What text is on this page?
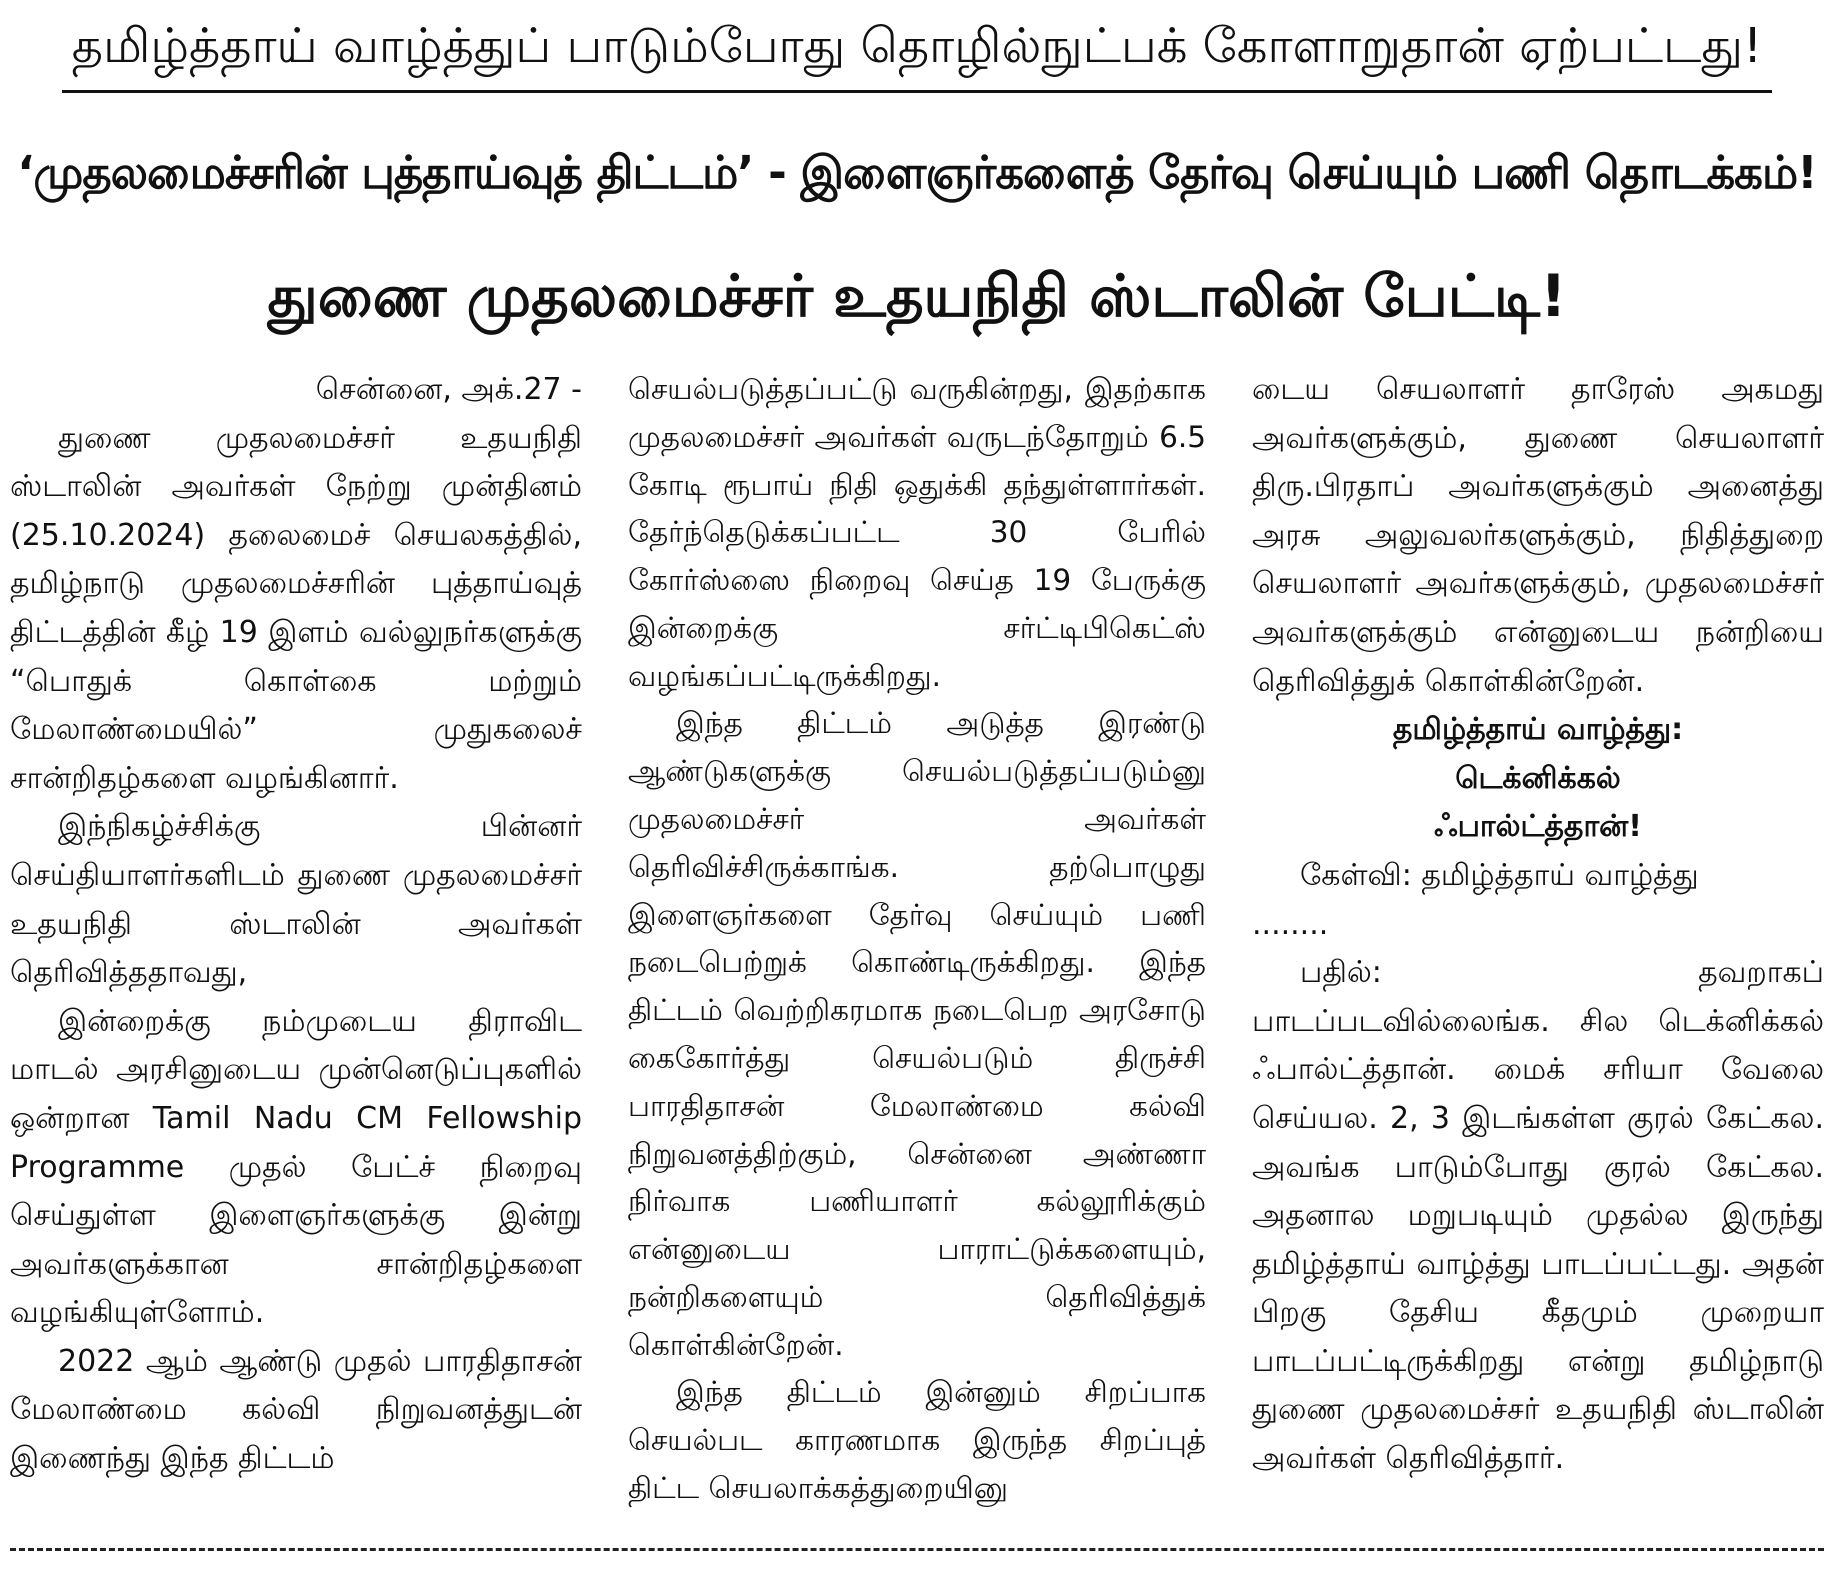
தமிழ்த்தாய் வாழ்த்துப் பாடும்போது தொழில்நுட்பக் கோளாறுதான் ஏற்பட்டது!
‘முதலமைச்சரின் புத்தாய்வுத் திட்டம்’ - இளைஞர்களைத் தேர்வு செய்யும் பணி தொடக்கம்!
துணை முதலமைச்சர் உதயநிதி ஸ்டாலின் பேட்டி!

சென்னை, அக்.27 -

துணை முதலமைச்சர் உதயநிதி ஸ்டாலின் அவர்கள் நேற்று முன்தினம் (25.10.2024) தலைமைச் செயலகத்தில், தமிழ்நாடு முதலமைச்சரின் புத்தாய்வுத் திட்டத்தின் கீழ் 19 இளம் வல்லுநர்களுக்கு “பொதுக் கொள்கை மற்றும் மேலாண்மையில்” முதுகலைச் சான்றிதழ்களை வழங்கினார்.

இந்நிகழ்ச்சிக்கு பின்னர் செய்தியாளர்களிடம் துணை முதலமைச்சர் உதயநிதி ஸ்டாலின் அவர்கள் தெரிவித்ததாவது,

இன்றைக்கு நம்முடைய திராவிட மாடல் அரசினுடைய முன்னெடுப்புகளில் ஒன்றான Tamil Nadu CM Fellowship Programme முதல் பேட்ச் நிறைவு செய்துள்ள இளைஞர்களுக்கு இன்று அவர்களுக்கான சான்றிதழ்களை வழங்கியுள்ளோம்.

2022 ஆம் ஆண்டு முதல் பாரதிதாசன் மேலாண்மை கல்வி நிறுவனத்துடன் இணைந்து இந்த திட்டம்

செயல்படுத்தப்பட்டு வருகின்றது, இதற்காக முதலமைச்சர் அவர்கள் வருடந்தோறும் 6.5 கோடி ரூபாய் நிதி ஒதுக்கி தந்துள்ளார்கள். தேர்ந்தெடுக்கப்பட்ட 30 பேரில் கோர்ஸ்ஸை நிறைவு செய்த 19 பேருக்கு இன்றைக்கு சர்ட்டிபிகெட்ஸ் வழங்கப்பட்டிருக்கிறது.

இந்த திட்டம் அடுத்த இரண்டு ஆண்டுகளுக்கு செயல்படுத்தப்படும்னு முதலமைச்சர் அவர்கள் தெரிவிச்சிருக்காங்க. தற்பொழுது இளைஞர்களை தேர்வு செய்யும் பணி நடைபெற்றுக் கொண்டிருக்கிறது. இந்த திட்டம் வெற்றிகரமாக நடைபெற அரசோடு கைகோர்த்து செயல்படும் திருச்சி பாரதிதாசன் மேலாண்மை கல்வி நிறுவனத்திற்கும், சென்னை அண்ணா நிர்வாக பணியாளர் கல்லூரிக்கும் என்னுடைய பாராட்டுக்களையும், நன்றிகளையும் தெரிவித்துக் கொள்கின்றேன்.

இந்த திட்டம் இன்னும் சிறப்பாக செயல்பட காரணமாக இருந்த சிறப்புத் திட்ட செயலாக்கத்துறையினு

டைய செயலாளர் தாரேஸ் அகமது அவர்களுக்கும், துணை செயலாளர் திரு.பிரதாப் அவர்களுக்கும் அனைத்து அரசு அலுவலர்களுக்கும், நிதித்துறை செயலாளர் அவர்களுக்கும், முதலமைச்சர் அவர்களுக்கும் என்னுடைய நன்றியை தெரிவித்துக் கொள்கின்றேன்.

தமிழ்த்தாய் வாழ்த்து:

டெக்னிக்கல்

ஃபால்ட்த்தான்!

கேள்வி: தமிழ்த்தாய் வாழ்த்து

........

பதில்: தவறாகப் பாடப்படவில்லைங்க. சில டெக்னிக்கல் ஃபால்ட்த்தான். மைக் சரியா வேலை செய்யல. 2, 3 இடங்கள்ள குரல் கேட்கல. அவங்க பாடும்போது குரல் கேட்கல. அதனால மறுபடியும் முதல்ல இருந்து தமிழ்த்தாய் வாழ்த்து பாடப்பட்டது. அதன் பிறகு தேசிய கீதமும் முறையா பாடப்பட்டிருக்கிறது என்று தமிழ்நாடு துணை முதலமைச்சர் உதயநிதி ஸ்டாலின் அவர்கள் தெரிவித்தார்.
